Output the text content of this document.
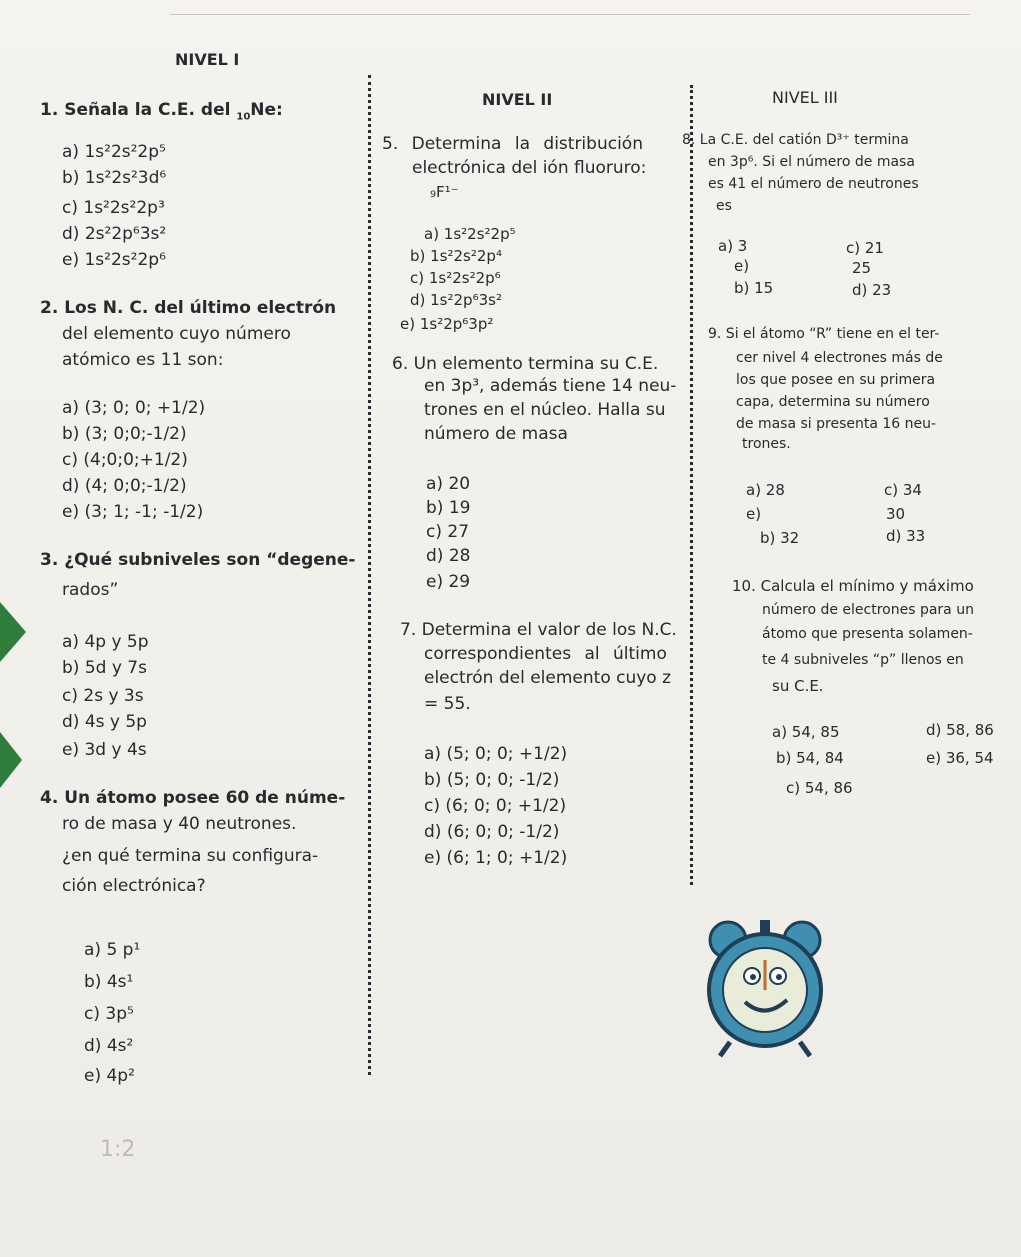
NIVEL I
NIVEL II	NIVEL III
1. Señala la C.E. del $_{10}$Ne:
a) 1s²2s²2p⁵
b) 1s²2s²3d⁶
c) 1s²2s²2p³
d) 2s²2p⁶3s²
e) 1s²2s²2p⁶
2. Los N. C. del último electrón
del elemento cuyo número
atómico es 11 son:
a) (3; 0; 0; +1/2)
b) (3; 0;0;-1/2)
c) (4;0;0;+1/2)
d) (4; 0;0;-1/2)
e) (3; 1; -1; -1/2)
3. ¿Qué subniveles son “degene-
rados”
a) 4p y 5p
b) 5d y 7s
c) 2s y 3s
d) 4s y 5p
e) 3d y 4s
4. Un átomo posee 60 de núme-
ro de masa y 40 neutrones.
¿en qué termina su configura-
ción electrónica?
a) 5 p¹
b) 4s¹
c) 3p⁵
d) 4s²
e) 4p²
1:2
5. Determina la distribución
electrónica del ión fluoruro:
₉F¹⁻
a) 1s²2s²2p⁵
b) 1s²2s²2p⁴
c) 1s²2s²2p⁶
d) 1s²2p⁶3s²
e) 1s²2p⁶3p²
6. Un elemento termina su C.E.
en 3p³, además tiene 14 neu-
trones en el núcleo. Halla su
número de masa
a) 20
b) 19
c) 27
d) 28
e) 29
7. Determina el valor de los N.C.
correspondientes al último
electrón del elemento cuyo z
= 55.
a) (5; 0; 0; +1/2)
b) (5; 0; 0; -1/2)
c) (6; 0; 0; +1/2)
d) (6; 0; 0; -1/2)
e) (6; 1; 0; +1/2)
8. La C.E. del catión D³⁺ termina
en 3p⁶. Si el número de masa
es 41 el número de neutrones
es
a) 3	c) 21
e)	25
b) 15	d) 23
9. Si el átomo “R” tiene en el ter-
cer nivel 4 electrones más de
los que posee en su primera
capa, determina su número
de masa si presenta 16 neu-
trones.
a) 28	c) 34
e)	30
b) 32	d) 33
10. Calcula el mínimo y máximo
número de electrones para un
átomo que presenta solamen-
te 4 subniveles “p” llenos en
su C.E.
a) 54, 85	d) 58, 86
b) 54, 84	e) 36, 54
c) 54, 86
